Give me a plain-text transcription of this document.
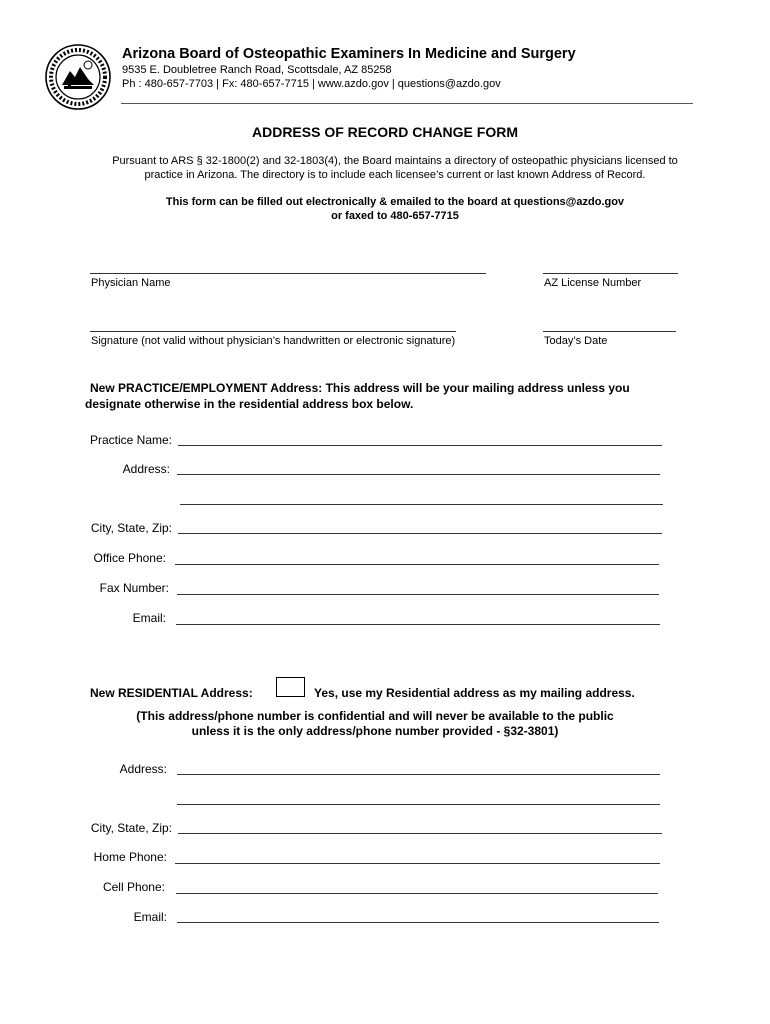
Arizona Board of Osteopathic Examiners In Medicine and Surgery
9535 E. Doubletree Ranch Road, Scottsdale, AZ 85258
Ph : 480-657-7703 | Fx: 480-657-7715 | www.azdo.gov | questions@azdo.gov
ADDRESS OF RECORD CHANGE FORM
Pursuant to ARS § 32-1800(2) and 32-1803(4), the Board maintains a directory of osteopathic physicians licensed to
practice in Arizona. The directory is to include each licensee’s current or last known Address of Record.
This form can be filled out electronically & emailed to the board at questions@azdo.gov
or faxed to 480-657-7715
Physician Name	AZ License Number
Signature (not valid without physician’s handwritten or electronic signature)	Today’s Date
New PRACTICE/EMPLOYMENT Address: This address will be your mailing address unless you
designate otherwise in the residential address box below.
Practice Name:
Address:
City, State, Zip:
Office Phone:
Fax Number:
Email:
New RESIDENTIAL Address:	Yes, use my Residential address as my mailing address.
(This address/phone number is confidential and will never be available to the public
unless it is the only address/phone number provided - §32-3801)
Address:
City, State, Zip:
Home Phone:
Cell Phone:
Email:
